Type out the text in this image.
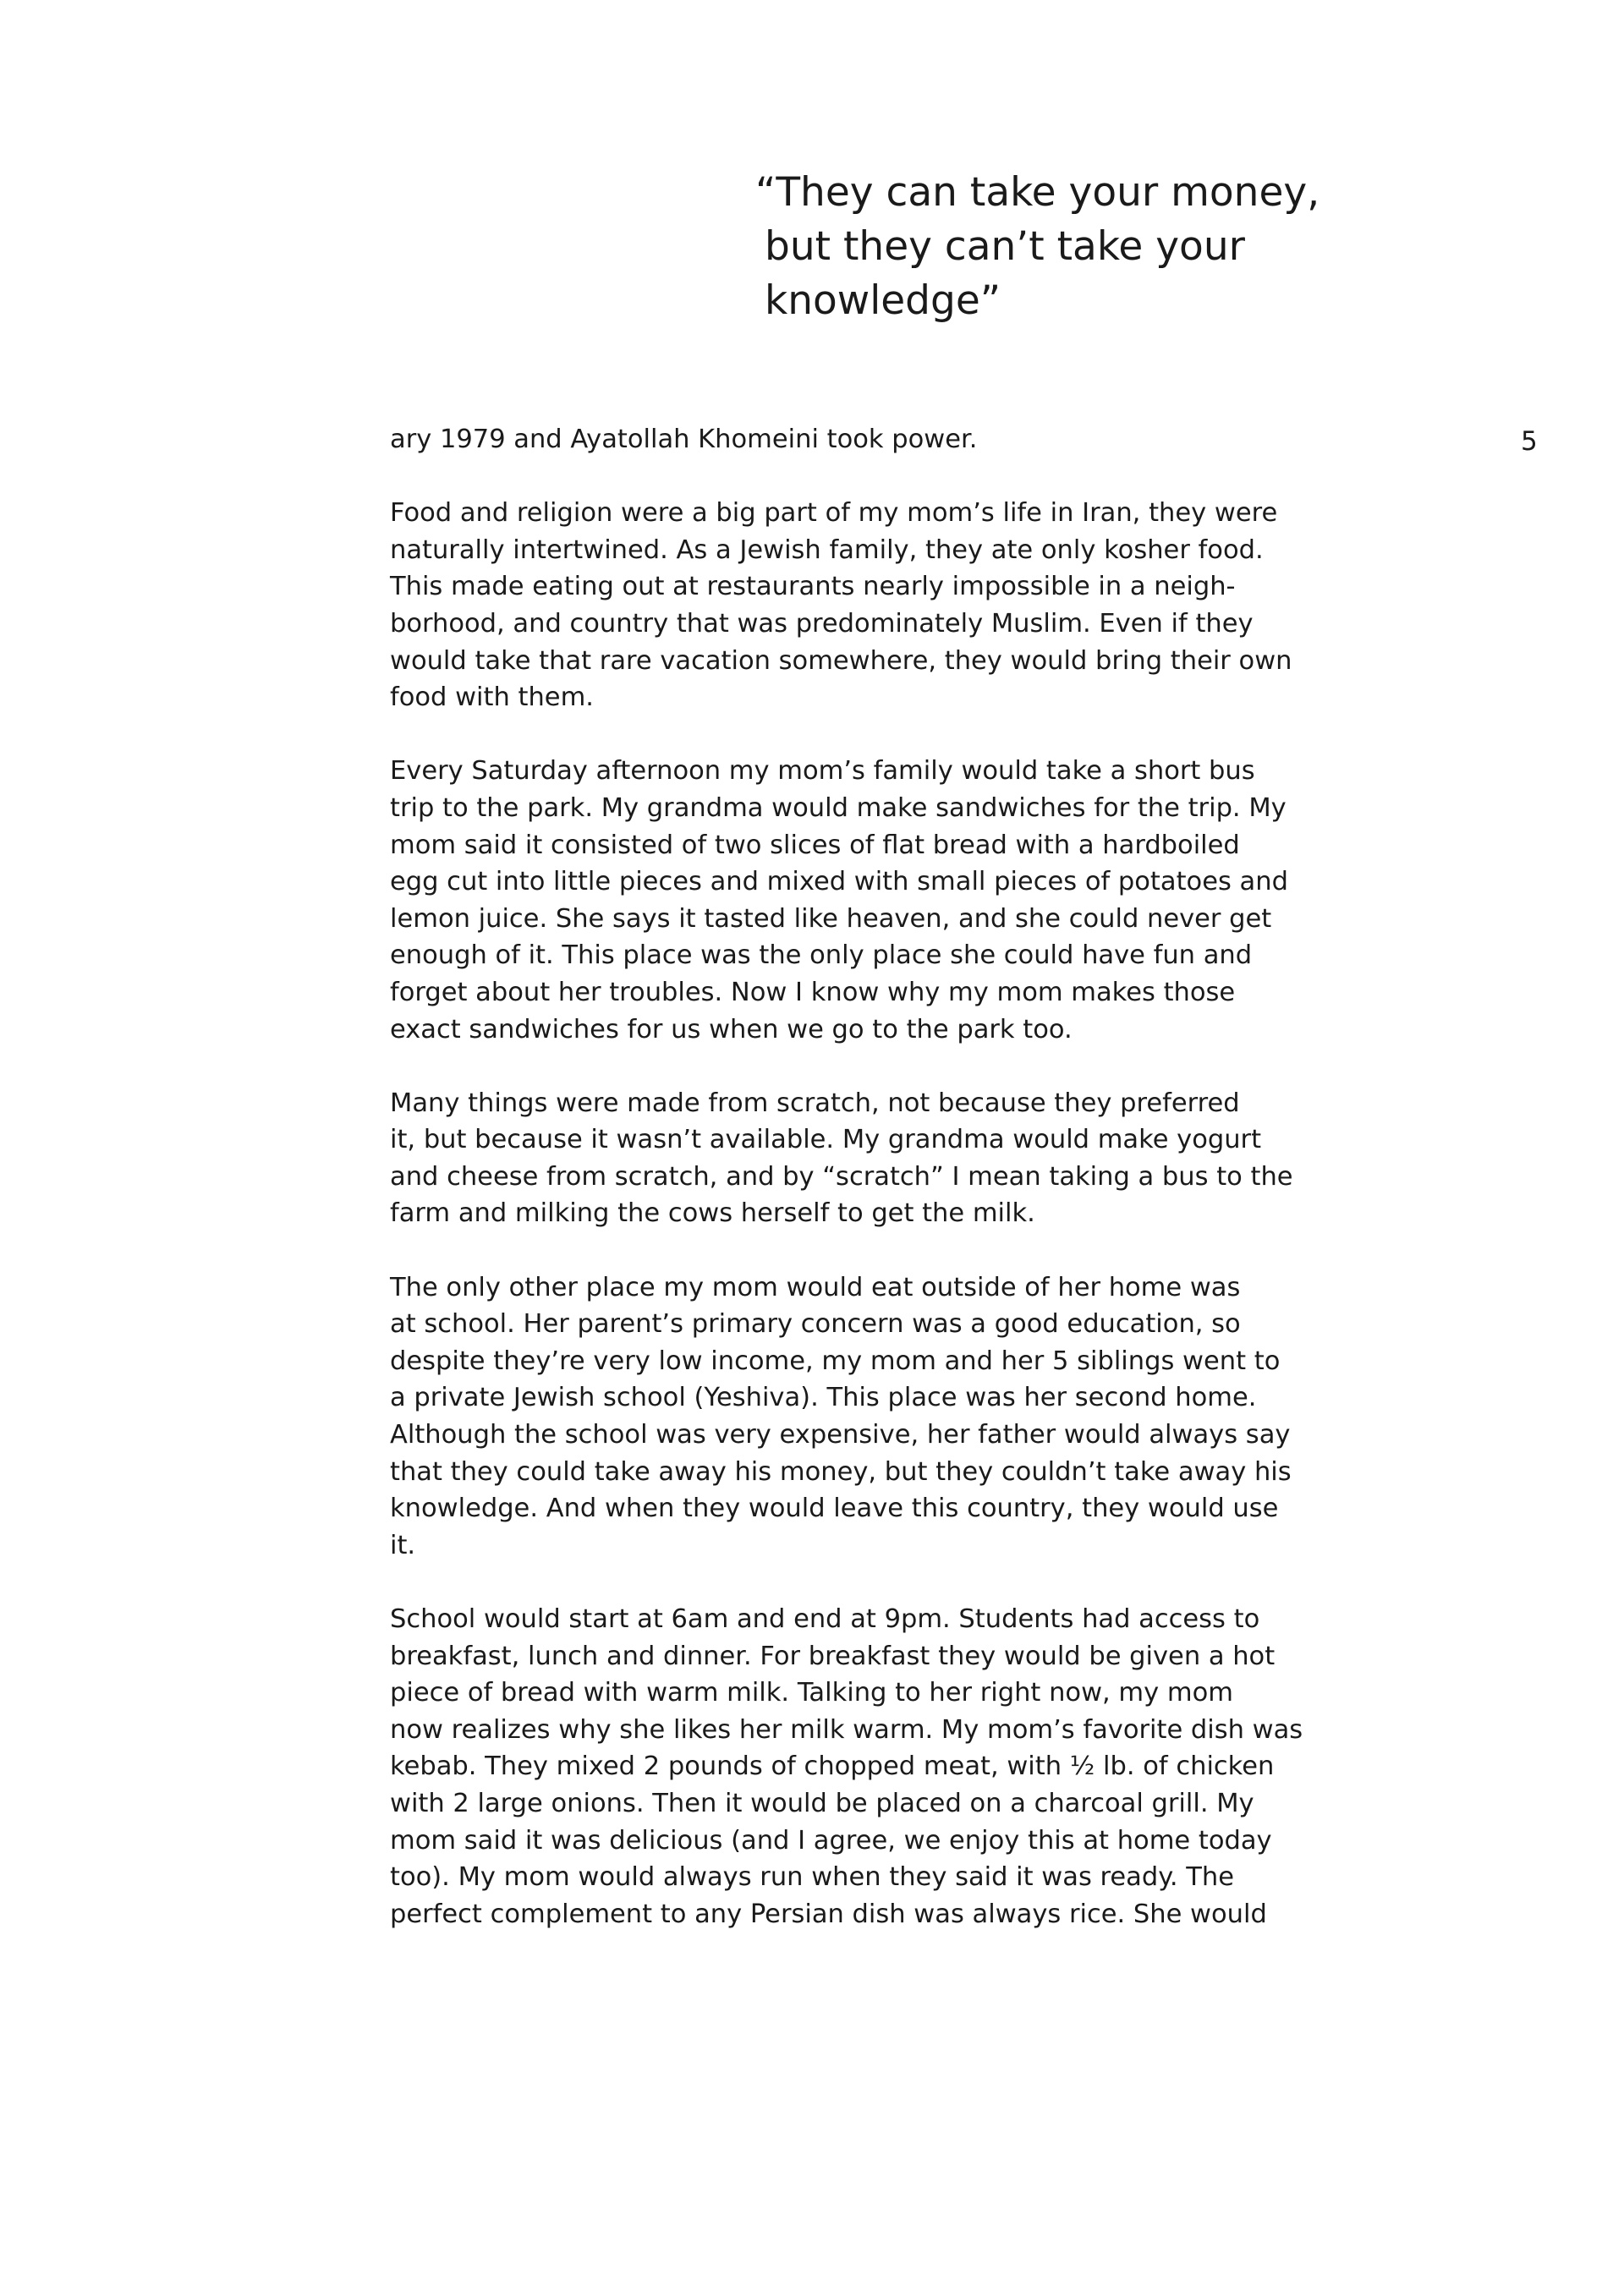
“They can take your money,
but they can’t take your
knowledge”
5

ary 1979 and Ayatollah Khomeini took power.

Food and religion were a big part of my mom’s life in Iran, they were
naturally intertwined. As a Jewish family, they ate only kosher food.
This made eating out at restaurants nearly impossible in a neigh-
borhood, and country that was predominately Muslim. Even if they
would take that rare vacation somewhere, they would bring their own
food with them.

Every Saturday afternoon my mom’s family would take a short bus
trip to the park. My grandma would make sandwiches for the trip. My
mom said it consisted of two slices of flat bread with a hardboiled
egg cut into little pieces and mixed with small pieces of potatoes and
lemon juice. She says it tasted like heaven, and she could never get
enough of it. This place was the only place she could have fun and
forget about her troubles. Now I know why my mom makes those
exact sandwiches for us when we go to the park too.

Many things were made from scratch, not because they preferred
it, but because it wasn’t available. My grandma would make yogurt
and cheese from scratch, and by “scratch” I mean taking a bus to the
farm and milking the cows herself to get the milk.

The only other place my mom would eat outside of her home was
at school. Her parent’s primary concern was a good education, so
despite they’re very low income, my mom and her 5 siblings went to
a private Jewish school (Yeshiva). This place was her second home.
Although the school was very expensive, her father would always say
that they could take away his money, but they couldn’t take away his
knowledge. And when they would leave this country, they would use
it.

School would start at 6am and end at 9pm. Students had access to
breakfast, lunch and dinner. For breakfast they would be given a hot
piece of bread with warm milk. Talking to her right now, my mom
now realizes why she likes her milk warm. My mom’s favorite dish was
kebab. They mixed 2 pounds of chopped meat, with ½ lb. of chicken
with 2 large onions. Then it would be placed on a charcoal grill. My
mom said it was delicious (and I agree, we enjoy this at home today
too). My mom would always run when they said it was ready. The
perfect complement to any Persian dish was always rice. She would
